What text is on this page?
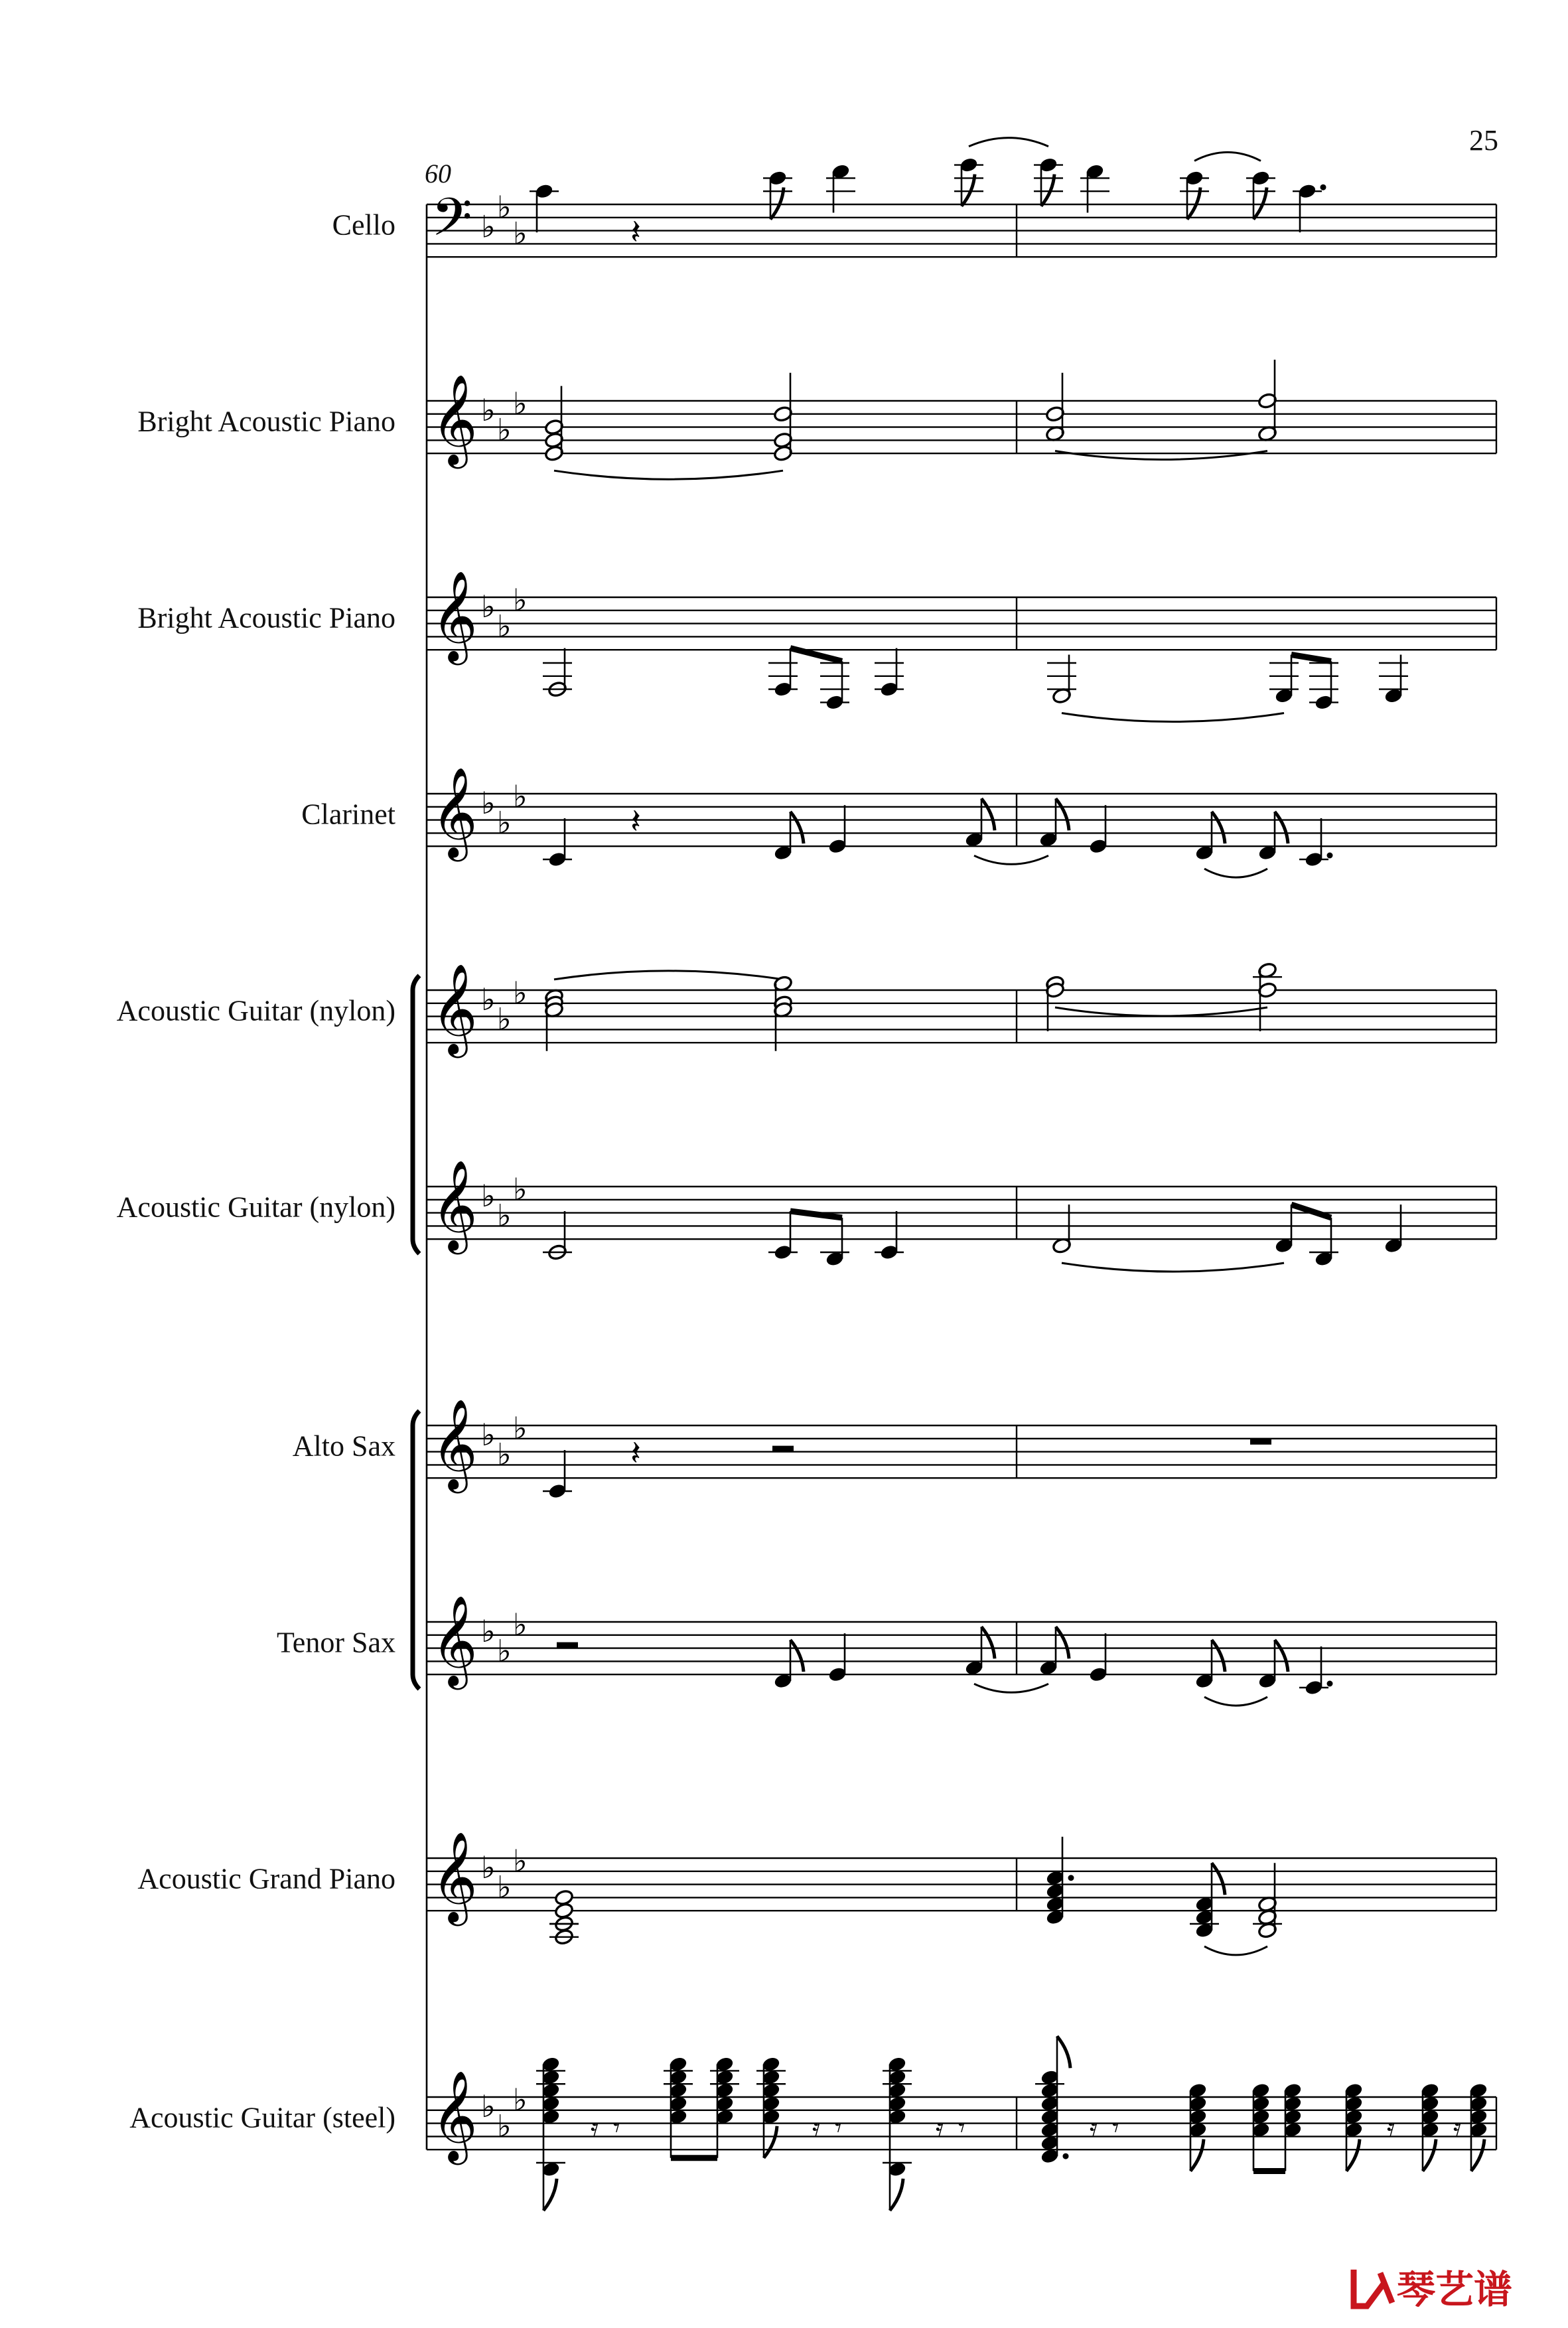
25
60
Cello
Bright Acoustic Piano
Bright Acoustic Piano
Clarinet
Acoustic Guitar (nylon)
Acoustic Guitar (nylon)
Alto Sax
Tenor Sax
Acoustic Grand Piano
Acoustic Guitar (steel)
𝄢 ♭
♭
♭
𝄞 ♭
♭
♭
𝄞 ♭
♭
♭
𝄞 ♭
♭
♭
𝄞 ♭
♭
♭
𝄞 ♭
♭
♭
𝄞 ♭
♭
♭
𝄞 ♭
♭
♭
𝄞 ♭
♭
♭
𝄞 ♭
♭
♭
𝄽
𝄽
𝄽
𝄿 𝄾	𝄿 𝄾	𝄿 𝄾	𝄿 𝄾	𝄿 𝄿
琴艺谱
